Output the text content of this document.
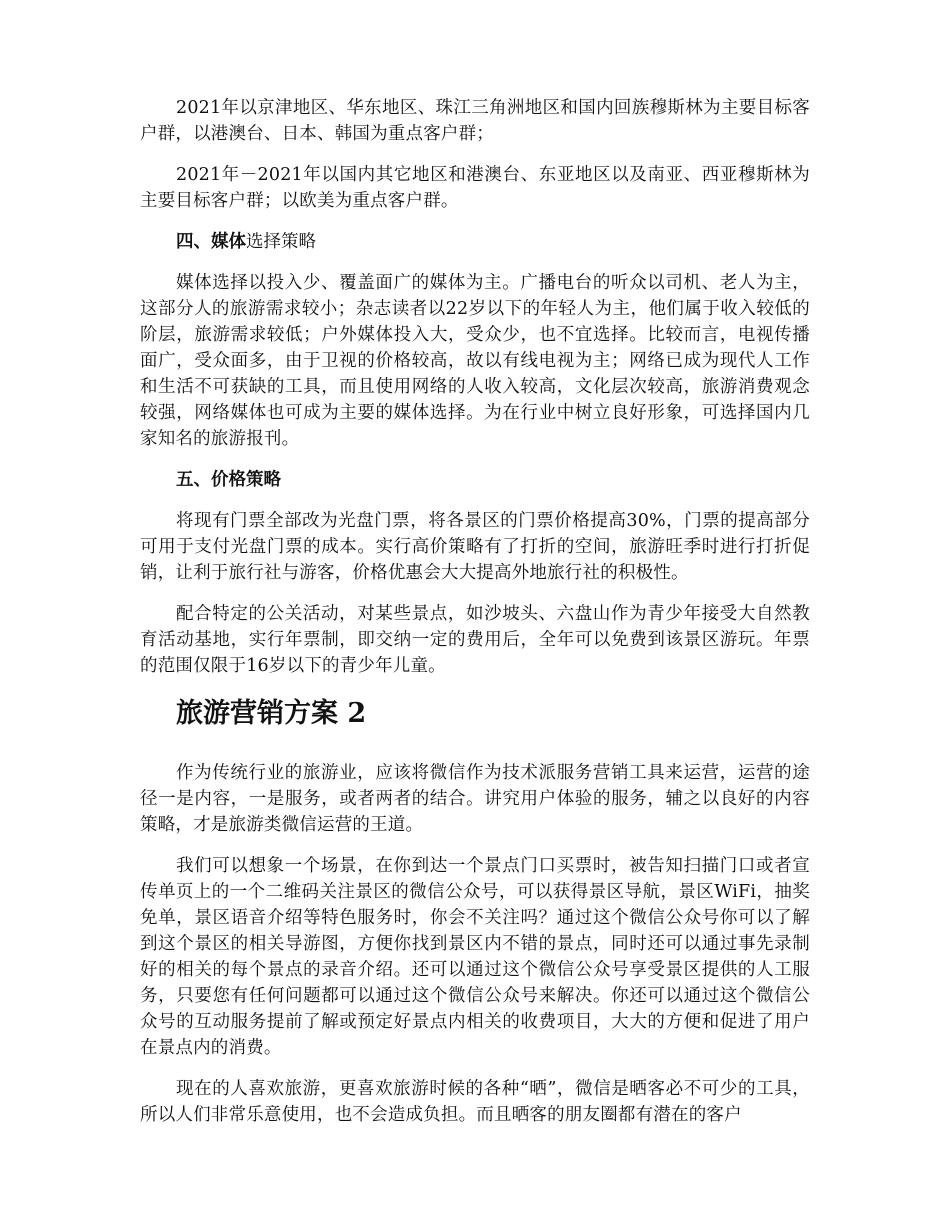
2021年以京津地区、华东地区、珠江三角洲地区和国内回族穆斯林为主要目标客户群，以港澳台、日本、韩国为重点客户群；

2021年－2021年以国内其它地区和港澳台、东亚地区以及南亚、西亚穆斯林为主要目标客户群；以欧美为重点客户群。

四、媒体选择策略

媒体选择以投入少、覆盖面广的媒体为主。广播电台的听众以司机、老人为主，这部分人的旅游需求较小；杂志读者以22岁以下的年轻人为主，他们属于收入较低的阶层，旅游需求较低；户外媒体投入大，受众少，也不宜选择。比较而言，电视传播面广，受众面多，由于卫视的价格较高，故以有线电视为主；网络已成为现代人工作和生活不可获缺的工具，而且使用网络的人收入较高，文化层次较高，旅游消费观念较强，网络媒体也可成为主要的媒体选择。为在行业中树立良好形象，可选择国内几家知名的旅游报刊。

五、价格策略

将现有门票全部改为光盘门票，将各景区的门票价格提高30%，门票的提高部分可用于支付光盘门票的成本。实行高价策略有了打折的空间，旅游旺季时进行打折促销，让利于旅行社与游客，价格优惠会大大提高外地旅行社的积极性。

配合特定的公关活动，对某些景点，如沙坡头、六盘山作为青少年接受大自然教育活动基地，实行年票制，即交纳一定的费用后，全年可以免费到该景区游玩。年票的范围仅限于16岁以下的青少年儿童。

旅游营销方案 2

作为传统行业的旅游业，应该将微信作为技术派服务营销工具来运营，运营的途径一是内容，一是服务，或者两者的结合。讲究用户体验的服务，辅之以良好的内容策略，才是旅游类微信运营的王道。

我们可以想象一个场景，在你到达一个景点门口买票时，被告知扫描门口或者宣传单页上的一个二维码关注景区的微信公众号，可以获得景区导航，景区WiFi，抽奖免单，景区语音介绍等特色服务时，你会不关注吗？通过这个微信公众号你可以了解到这个景区的相关导游图，方便你找到景区内不错的景点，同时还可以通过事先录制好的相关的每个景点的录音介绍。还可以通过这个微信公众号享受景区提供的人工服务，只要您有任何问题都可以通过这个微信公众号来解决。你还可以通过这个微信公众号的互动服务提前了解或预定好景点内相关的收费项目，大大的方便和促进了用户在景点内的消费。

现在的人喜欢旅游，更喜欢旅游时候的各种“晒”，微信是晒客必不可少的工具，所以人们非常乐意使用，也不会造成负担。而且晒客的朋友圈都有潜在的客户
